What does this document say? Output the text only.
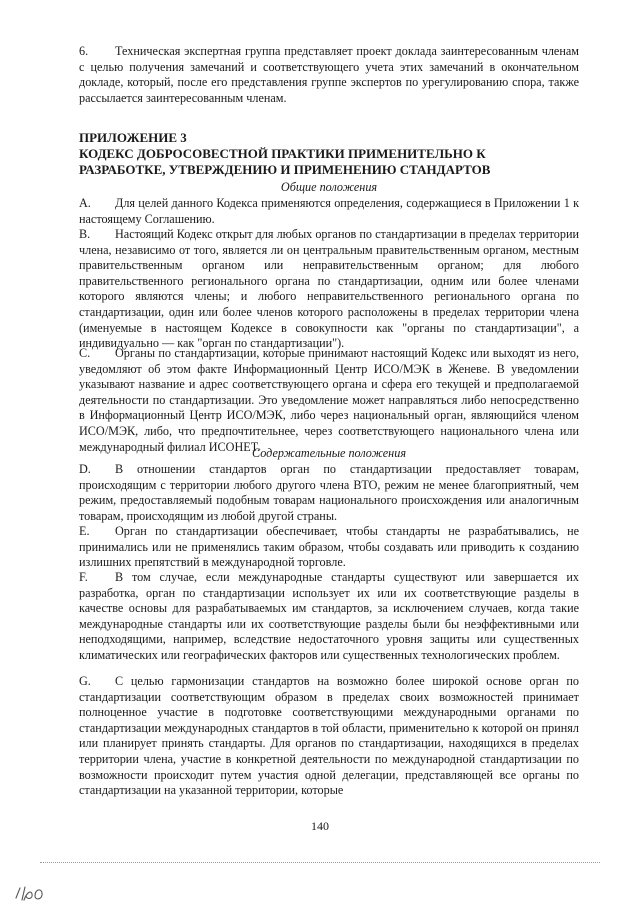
6.	Техническая экспертная группа представляет проект доклада заинтересованным членам с целью получения замечаний и соответствующего учета этих замечаний в окончательном докладе, который, после его представления группе экспертов по урегулированию спора, также рассылается заинтересованным членам.

ПРИЛОЖЕНИЕ 3

КОДЕКС ДОБРОСОВЕСТНОЙ ПРАКТИКИ ПРИМЕНИТЕЛЬНО К

РАЗРАБОТКЕ, УТВЕРЖДЕНИЮ И ПРИМЕНЕНИЮ СТАНДАРТОВ

Общие положения

А.	Для целей данного Кодекса применяются определения, содержащиеся в Приложении 1 к настоящему Соглашению.
В.	Настоящий Кодекс открыт для любых органов по стандартизации в пределах территории члена, независимо от того, является ли он центральным правительственным органом, местным правительственным органом или неправительственным органом; для любого правительственного регионального органа по стандартизации, одним или более членами которого являются члены; и любого неправительственного регионального органа по стандартизации, один или более членов которого расположены в пределах территории члена (именуемые в настоящем Кодексе в совокупности как "органы по стандартизации", а индивидуально — как "орган по стандартизации").
С.	Органы по стандартизации, которые принимают настоящий Кодекс или выходят из него, уведомляют об этом факте Информационный Центр ИСО/МЭК в Женеве. В уведомлении указывают название и адрес соответствующего органа и сфера его текущей и предполагаемой деятельности по стандартизации. Это уведомление может направляться либо непосредственно в Информационный Центр ИСО/МЭК, либо через национальный орган, являющийся членом ИСО/МЭК, либо, что предпочтительнее, через соответствующего национального члена или международный филиал ИСОНЕТ.

Содержательные положения

D.	В отношении стандартов орган по стандартизации предоставляет товарам, происходящим с территории любого другого члена ВТО, режим не менее благоприятный, чем режим, предоставляемый подобным товарам национального происхождения или аналогичным товарам, происходящим из любой другой страны.
Е.	Орган по стандартизации обеспечивает, чтобы стандарты не разрабатывались, не принимались или не применялись таким образом, чтобы создавать или приводить к созданию излишних препятствий в международной торговле.
F.	В том случае, если международные стандарты существуют или завершается их разработка, орган по стандартизации использует их или их соответствующие разделы в качестве основы для разрабатываемых им стандартов, за исключением случаев, когда такие международные стандарты или их соответствующие разделы были бы неэффективными или неподходящими, например, вследствие недостаточного уровня защиты или существенных климатических или географических факторов или существенных технологических проблем.
G.	С целью гармонизации стандартов на возможно более широкой основе орган по стандартизации соответствующим образом в пределах своих возможностей принимает полноценное участие в подготовке соответствующими международными органами по стандартизации международных стандартов в той области, применительно к которой он принял или планирует принять стандарты. Для органов по стандартизации, находящихся в пределах территории члена, участие в конкретной деятельности по международной стандартизации по возможности происходит путем участия одной делегации, представляющей все органы по стандартизации на указанной территории, которые
140
